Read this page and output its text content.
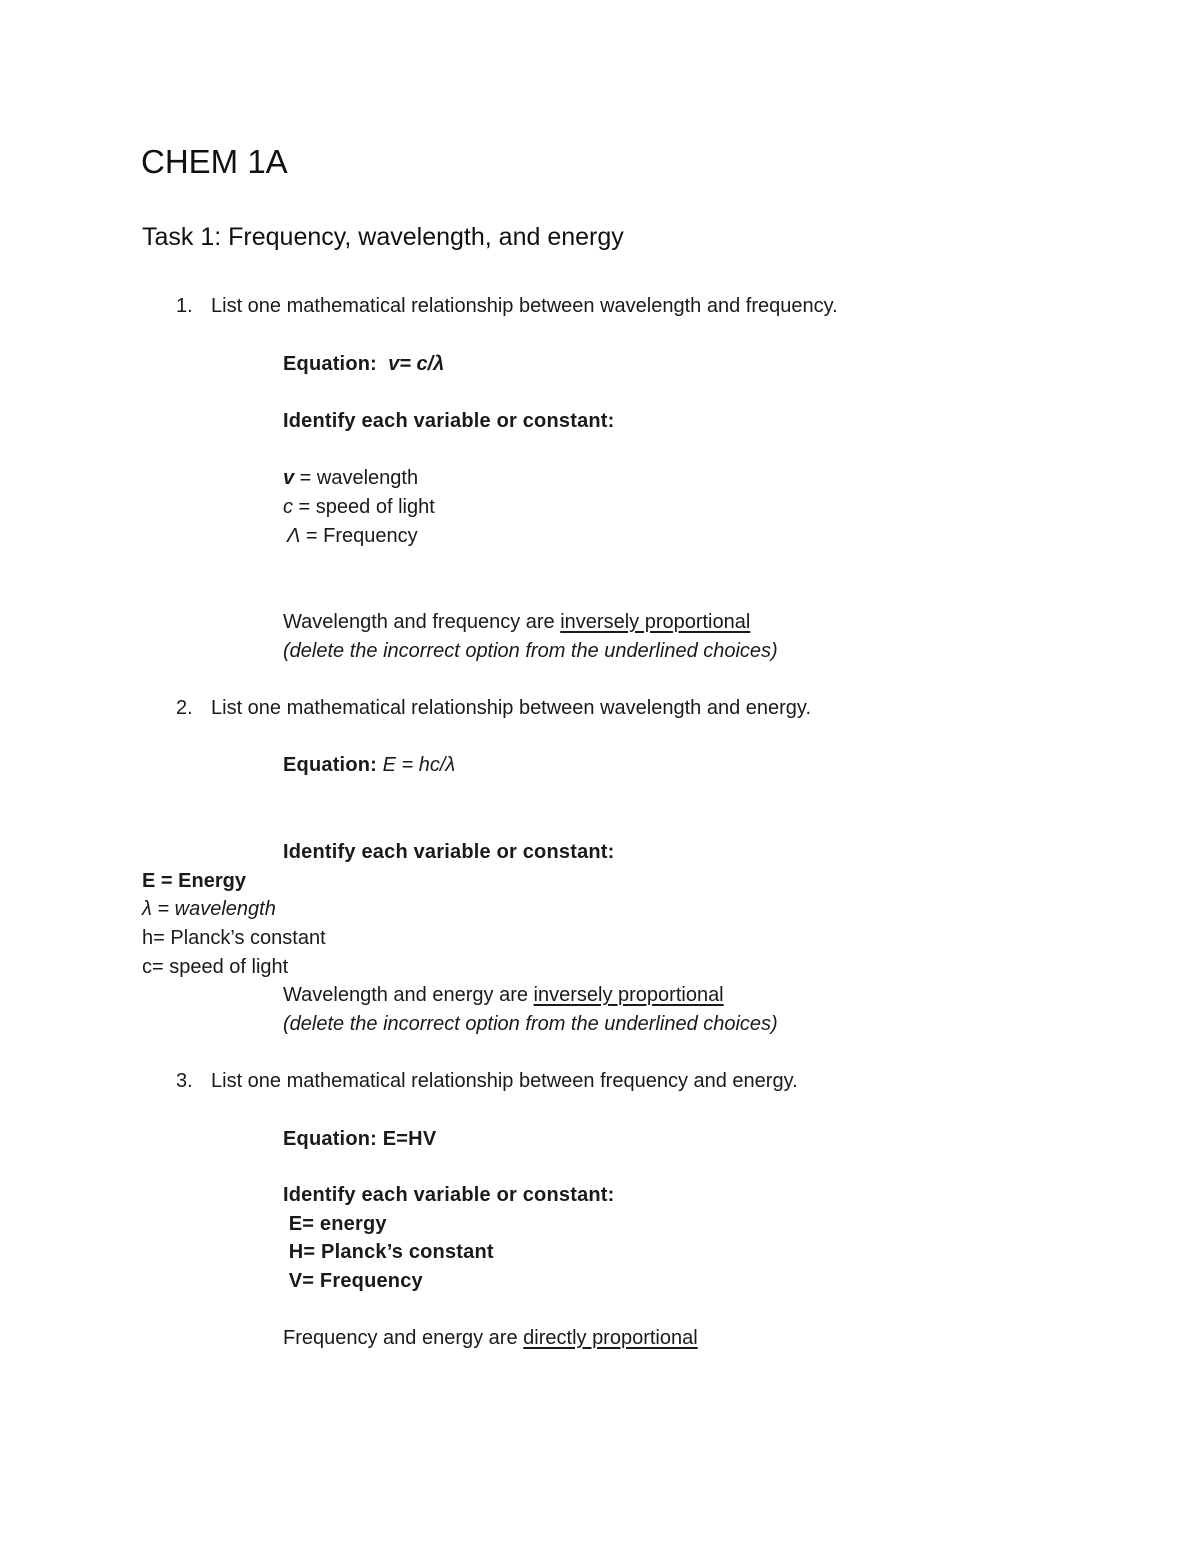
CHEM 1A
Task 1: Frequency, wavelength, and energy
1. List one mathematical relationship between wavelength and frequency.
Equation: v= c/λ
Identify each variable or constant:
v = wavelength
c = speed of light
Λ = Frequency
Wavelength and frequency are inversely proportional
(delete the incorrect option from the underlined choices)
2. List one mathematical relationship between wavelength and energy.
Equation: E = hc/λ
Identify each variable or constant:
E = Energy
λ = wavelength
h= Planck’s constant
c= speed of light
Wavelength and energy are inversely proportional
(delete the incorrect option from the underlined choices)
3. List one mathematical relationship between frequency and energy.
Equation: E=HV
Identify each variable or constant:
E= energy
H= Planck’s constant
V= Frequency
Frequency and energy are directly proportional
